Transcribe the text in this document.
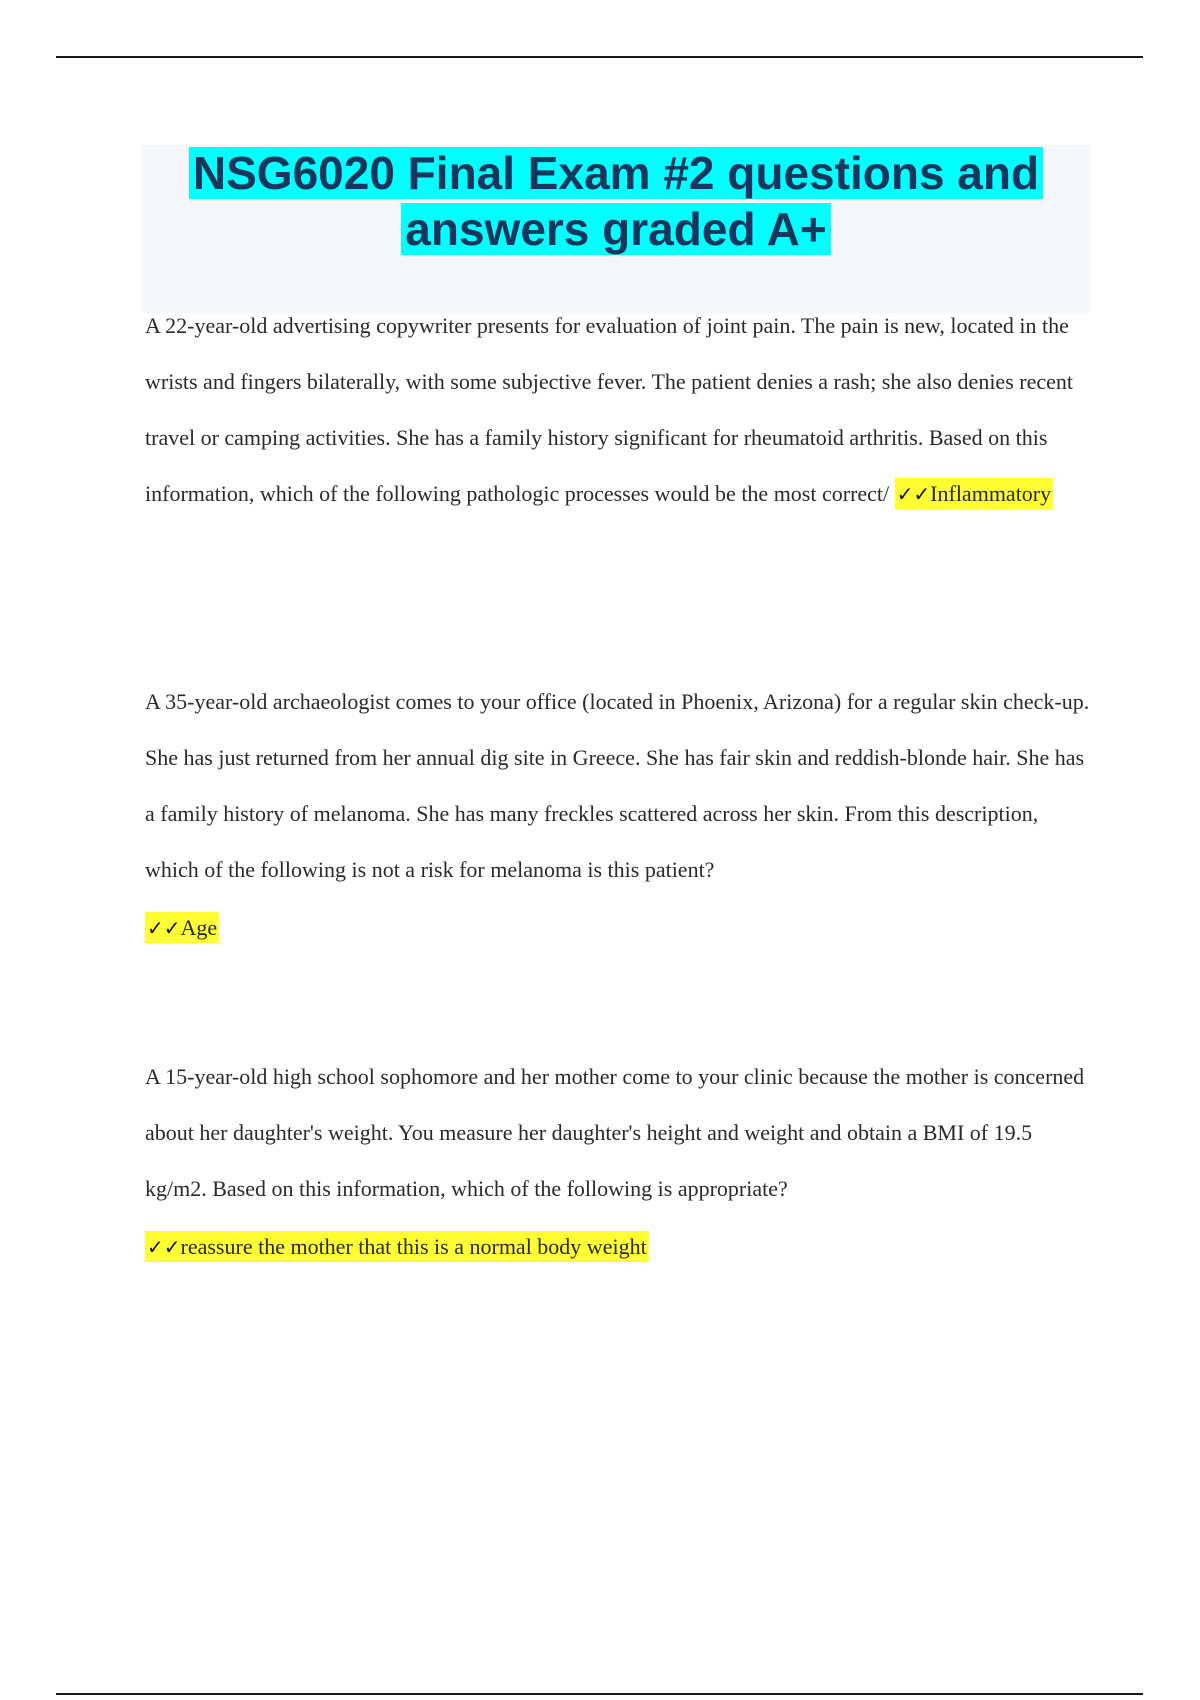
NSG6020 Final Exam #2 questions and
answers graded A+
A 22-year-old advertising copywriter presents for evaluation of joint pain. The pain is new, located in the wrists and fingers bilaterally, with some subjective fever. The patient denies a rash; she also denies recent travel or camping activities. She has a family history significant for rheumatoid arthritis. Based on this information, which of the following pathologic processes would be the most correct/ ✓✓Inflammatory
A 35-year-old archaeologist comes to your office (located in Phoenix, Arizona) for a regular skin check-up. She has just returned from her annual dig site in Greece. She has fair skin and reddish-blonde hair. She has a family history of melanoma. She has many freckles scattered across her skin. From this description, which of the following is not a risk for melanoma is this patient?
✓✓Age
A 15-year-old high school sophomore and her mother come to your clinic because the mother is concerned about her daughter's weight. You measure her daughter's height and weight and obtain a BMI of 19.5 kg/m2. Based on this information, which of the following is appropriate?
✓✓reassure the mother that this is a normal body weight
